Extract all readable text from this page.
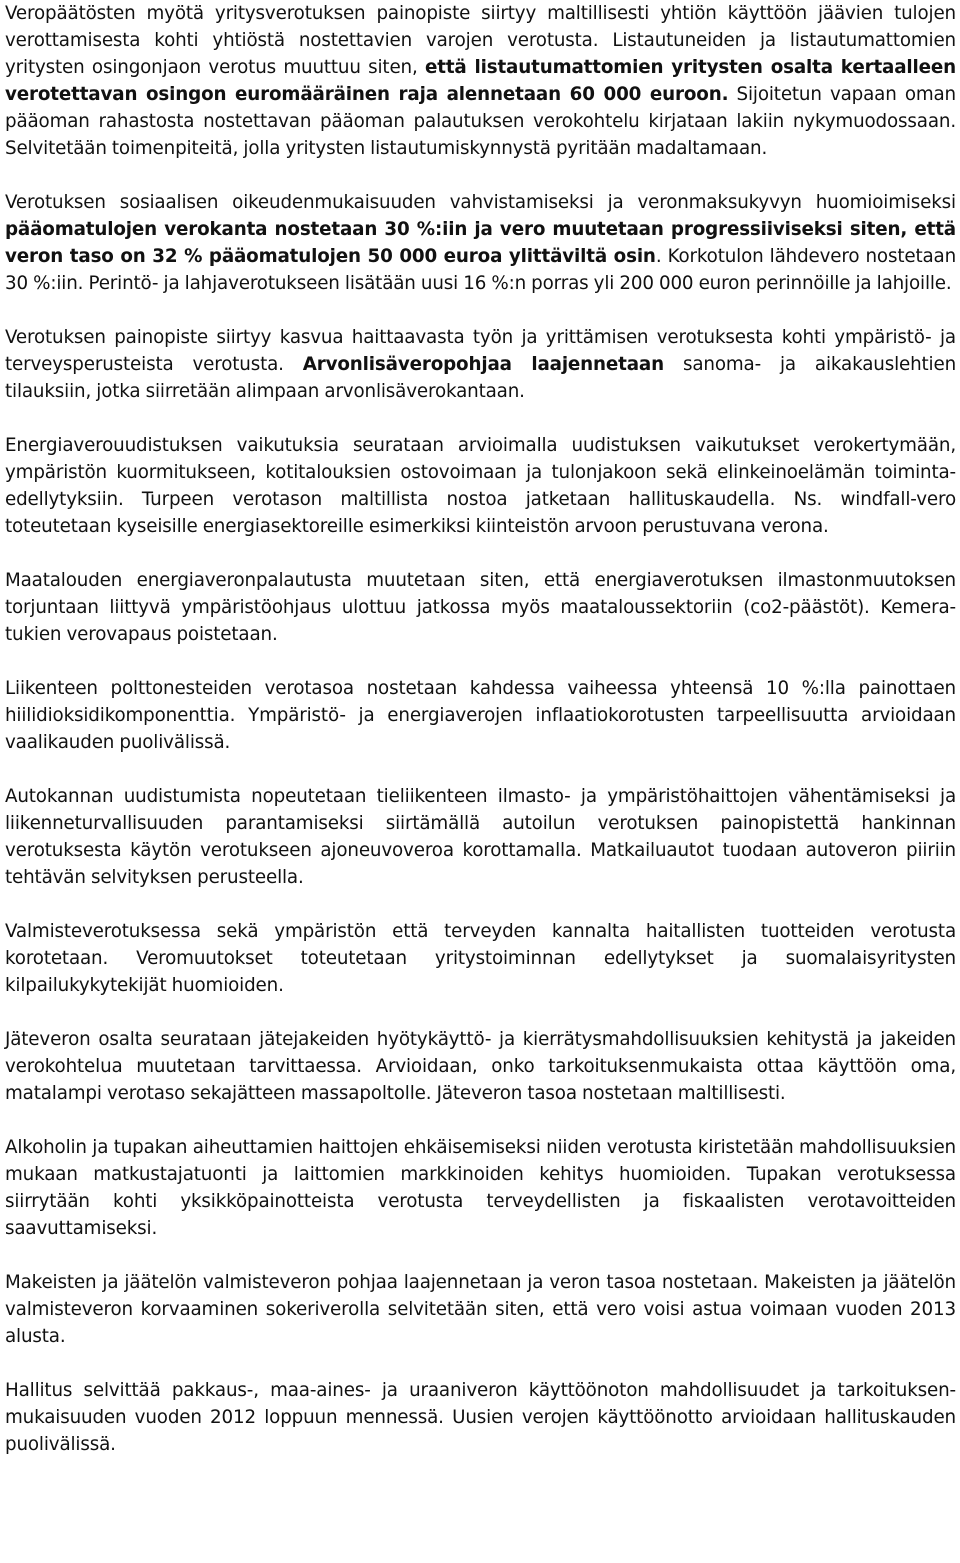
Veropäätösten myötä yritysverotuksen painopiste siirtyy maltillisesti yhtiön käyttöön jäävien tulojen verottamisesta kohti yhtiöstä nostettavien varojen verotusta. Listautuneiden ja listautumattomien yritysten osingonjaon verotus muuttuu siten, että listautumattomien yritysten osalta kertaalleen verotettavan osingon euromääräinen raja alennetaan 60 000 euroon. Sijoitetun vapaan oman pääoman rahastosta nostettavan pääoman palautuksen verokohtelu kirjataan lakiin nykymuodossaan. Selvitetään toimenpiteitä, jolla yritysten listautumiskynnystä pyritään madaltamaan.

Verotuksen sosiaalisen oikeudenmukaisuuden vahvistamiseksi ja veronmaksukyvyn huomioimiseksi pääomatulojen verokanta nostetaan 30 %:iin ja vero muutetaan progressiiviseksi siten, että veron taso on 32 % pääomatulojen 50 000 euroa ylittäviltä osin. Korkotulon lähdevero nostetaan 30 %:iin. Perintö- ja lahjaverotukseen lisätään uusi 16 %:n porras yli 200 000 euron perinnöille ja lahjoille.

Verotuksen painopiste siirtyy kasvua haittaavasta työn ja yrittämisen verotuksesta kohti ympäristö- ja terveysperusteista verotusta. Arvonlisäveropohjaa laajennetaan sanoma- ja aikakauslehtien tilauksiin, jotka siirretään alimpaan arvonlisäverokantaan.

Energiaverouudistuksen vaikutuksia seurataan arvioimalla uudistuksen vaikutukset verokertymään, ympäristön kuormitukseen, kotitalouksien ostovoimaan ja tulonjakoon sekä elinkeinoelämän toiminta- edellytyksiin. Turpeen verotason maltillista nostoa jatketaan hallituskaudella. Ns. windfall-vero toteutetaan kyseisille energiasektoreille esimerkiksi kiinteistön arvoon perustuvana verona.

Maatalouden energiaveronpalautusta muutetaan siten, että energiaverotuksen ilmastonmuutoksen torjuntaan liittyvä ympäristöohjaus ulottuu jatkossa myös maataloussektoriin (co2-päästöt). Kemera- tukien verovapaus poistetaan.

Liikenteen polttonesteiden verotasoa nostetaan kahdessa vaiheessa yhteensä 10 %:lla painottaen hiilidioksidikomponenttia. Ympäristö- ja energiaverojen inflaatiokorotusten tarpeellisuutta arvioidaan vaalikauden puolivälissä.

Autokannan uudistumista nopeutetaan tieliikenteen ilmasto- ja ympäristöhaittojen vähentämiseksi ja liikenneturvallisuuden parantamiseksi siirtämällä autoilun verotuksen painopistettä hankinnan verotuksesta käytön verotukseen ajoneuvoveroa korottamalla. Matkailuautot tuodaan autoveron piiriin tehtävän selvityksen perusteella.

Valmisteverotuksessa sekä ympäristön että terveyden kannalta haitallisten tuotteiden verotusta korotetaan. Veromuutokset toteutetaan yritystoiminnan edellytykset ja suomalaisyritysten kilpailukykytekijät huomioiden.

Jäteveron osalta seurataan jätejakeiden hyötykäyttö- ja kierrätysmahdollisuuksien kehitystä ja jakeiden verokohtelua muutetaan tarvittaessa. Arvioidaan, onko tarkoituksenmukaista ottaa käyttöön oma, matalampi verotaso sekajätteen massapoltolle. Jäteveron tasoa nostetaan maltillisesti.

Alkoholin ja tupakan aiheuttamien haittojen ehkäisemiseksi niiden verotusta kiristetään mahdollisuuksien mukaan matkustajatuonti ja laittomien markkinoiden kehitys huomioiden. Tupakan verotuksessa siirrytään kohti yksikköpainotteista verotusta terveydellisten ja fiskaalisten verotavoitteiden saavuttamiseksi.

Makeisten ja jäätelön valmisteveron pohjaa laajennetaan ja veron tasoa nostetaan. Makeisten ja jäätelön valmisteveron korvaaminen sokeriverolla selvitetään siten, että vero voisi astua voimaan vuoden 2013 alusta.

Hallitus selvittää pakkaus-, maa-aines- ja uraaniveron käyttöönoton mahdollisuudet ja tarkoituksen- mukaisuuden vuoden 2012 loppuun mennessä. Uusien verojen käyttöönotto arvioidaan hallituskauden puolivälissä.
